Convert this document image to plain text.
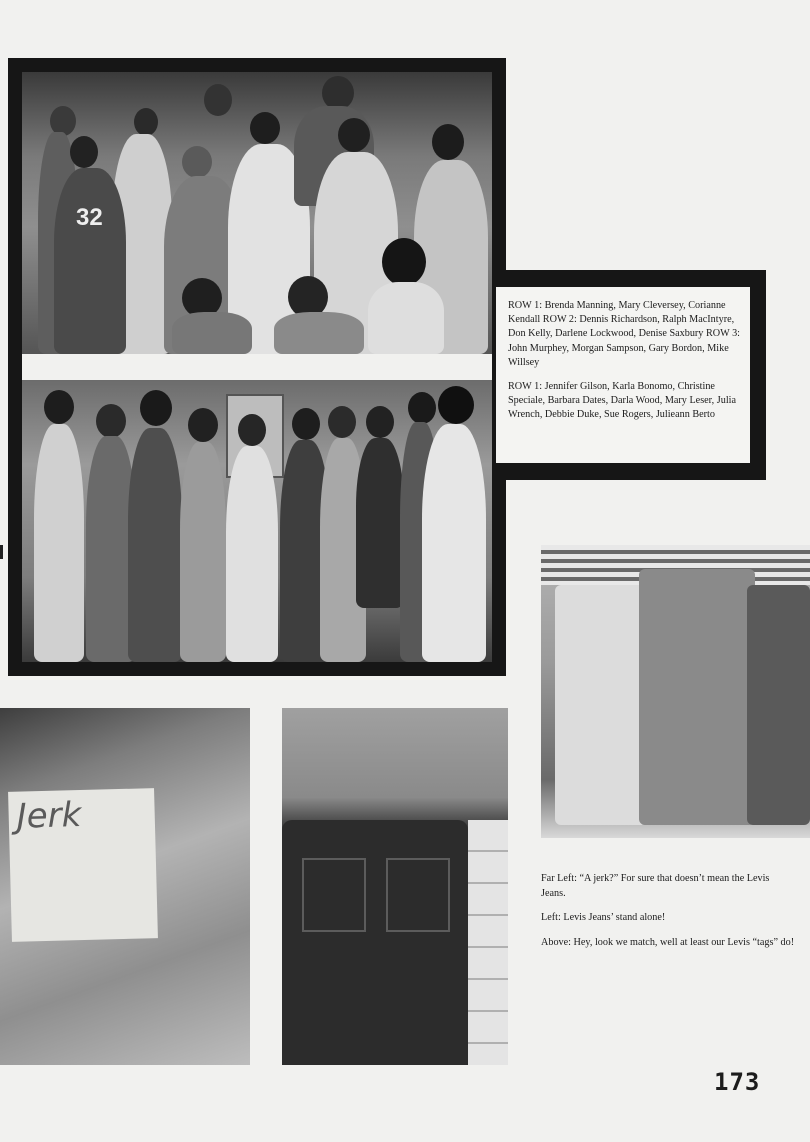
32

ROW 1: Brenda Manning, Mary Cleversey, Corianne Kendall ROW 2: Dennis Richardson, Ralph MacIntyre, Don Kelly, Darlene Lockwood, Denise Saxbury ROW 3: John Murphey, Morgan Sampson, Gary Bordon, Mike Willsey

ROW 1: Jennifer Gilson, Karla Bonomo, Christine Speciale, Barbara Dates, Darla Wood, Mary Leser, Julia Wrench, Debbie Duke, Sue Rogers, Julieann Berto

Jerk

Far Left: “A jerk?” For sure that doesn’t mean the Levis Jeans.

Left: Levis Jeans’ stand alone!

Above: Hey, look we match, well at least our Levis “tags” do!

173
